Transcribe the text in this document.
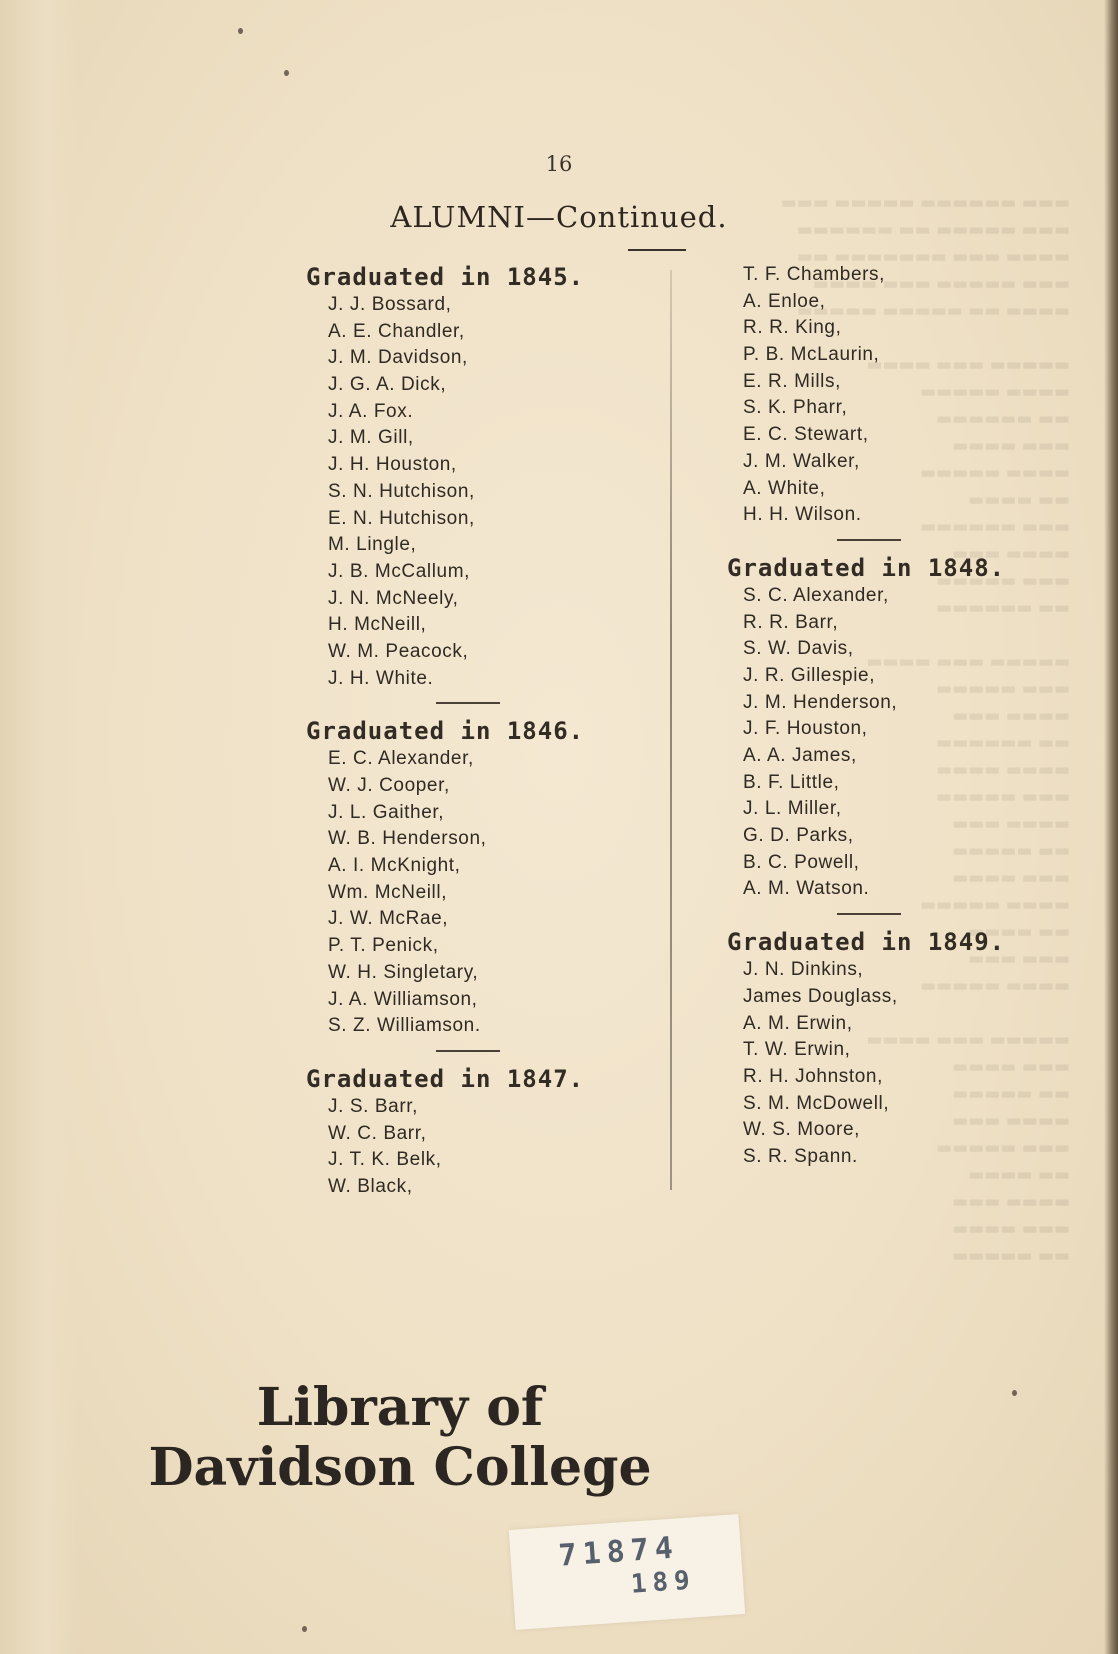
▬▬▬ ▬▬▬▬▬▬ ▬▬▬▬▬ ▬▬▬
▬▬▬ ▬▬▬▬▬ ▬▬ ▬▬▬▬▬▬
▬▬▬▬ ▬▬▬ ▬▬▬▬▬▬▬ ▬▬
▬▬▬ ▬▬▬▬▬ ▬▬▬ ▬▬▬▬
▬▬▬▬ ▬▬ ▬▬▬▬▬ ▬▬▬▬▬
▬▬▬▬▬ ▬▬▬ ▬▬▬▬
▬▬▬▬ ▬▬▬▬▬
▬▬ ▬▬▬▬▬▬
▬▬▬ ▬▬▬▬
▬▬▬▬ ▬▬▬▬▬
▬▬ ▬▬▬▬
▬▬▬ ▬▬▬▬▬▬
▬▬▬▬ ▬▬▬
▬▬▬ ▬▬▬▬▬
▬▬ ▬▬▬▬▬▬
▬▬▬▬▬ ▬▬▬ ▬▬▬▬
▬▬▬ ▬▬▬▬▬
▬▬▬▬ ▬▬▬
▬▬ ▬▬▬▬▬▬
▬▬▬▬ ▬▬▬▬
▬▬▬ ▬▬▬▬▬
▬▬▬▬ ▬▬▬
▬▬ ▬▬▬▬▬
▬▬▬ ▬▬▬▬
▬▬▬▬ ▬▬▬▬▬
▬▬ ▬▬▬▬
▬▬▬ ▬▬▬
▬▬▬▬ ▬▬▬▬▬
▬▬▬▬▬ ▬▬▬ ▬▬▬▬
▬▬▬ ▬▬▬▬
▬▬ ▬▬▬▬▬
▬▬▬▬ ▬▬▬
▬▬▬ ▬▬▬▬▬
▬▬ ▬▬▬▬
▬▬▬▬ ▬▬▬
▬▬▬ ▬▬▬▬
▬▬ ▬▬▬▬▬
16
ALUMNI—Continued.
Graduated in 1845.
J. J. Bossard,
A. E. Chandler,
J. M. Davidson,
J. G. A. Dick,
J. A. Fox.
J. M. Gill,
J. H. Houston,
S. N. Hutchison,
E. N. Hutchison,
M. Lingle,
J. B. McCallum,
J. N. McNeely,
H. McNeill,
W. M. Peacock,
J. H. White.
Graduated in 1846.
E. C. Alexander,
W. J. Cooper,
J. L. Gaither,
W. B. Henderson,
A. I. McKnight,
Wm. McNeill,
J. W. McRae,
P. T. Penick,
W. H. Singletary,
J. A. Williamson,
S. Z. Williamson.
Graduated in 1847.
J. S. Barr,
W. C. Barr,
J. T. K. Belk,
W. Black,
T. F. Chambers,
A. Enloe,
R. R. King,
P. B. McLaurin,
E. R. Mills,
S. K. Pharr,
E. C. Stewart,
J. M. Walker,
A. White,
H. H. Wilson.
Graduated in 1848.
S. C. Alexander,
R. R. Barr,
S. W. Davis,
J. R. Gillespie,
J. M. Henderson,
J. F. Houston,
A. A. James,
B. F. Little,
J. L. Miller,
G. D. Parks,
B. C. Powell,
A. M. Watson.
Graduated in 1849.
J. N. Dinkins,
James Douglass,
A. M. Erwin,
T. W. Erwin,
R. H. Johnston,
S. M. McDowell,
W. S. Moore,
S. R. Spann.
Library of
Davidson College
71874
189
